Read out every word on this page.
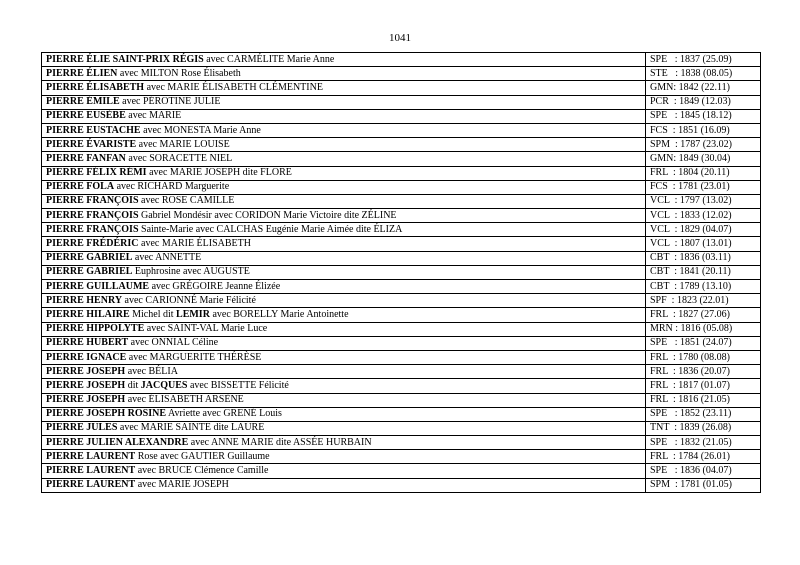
1041
PIERRE ÉLIE SAINT-PRIX RÉGIS avec CARMÉLITE Marie Anne	SPE   : 1837 (25.09)
PIERRE ÉLIEN avec MILTON Rose Élisabeth	STE   : 1838 (08.05)
PIERRE ÉLISABETH avec MARIE ÉLISABETH CLÉMENTINE	GMN: 1842 (22.11)
PIERRE ÉMILE avec PÉROTINE JULIE	PCR  : 1849 (12.03)
PIERRE EUSÈBE avec MARIE	SPE   : 1845 (18.12)
PIERRE EUSTACHE avec MONESTA Marie Anne	FCS  : 1851 (16.09)
PIERRE ÉVARISTE avec MARIE LOUISE	SPM  : 1787 (23.02)
PIERRE FANFAN avec SORACETTE NIEL	GMN: 1849 (30.04)
PIERRE FÉLIX RÉMI avec MARIE JOSEPH dite FLORE	FRL  : 1804 (20.11)
PIERRE FOLA avec RICHARD Marguerite	FCS  : 1781 (23.01)
PIERRE FRANÇOIS avec ROSE CAMILLE	VCL  : 1797 (13.02)
PIERRE FRANÇOIS Gabriel Mondésir avec CORIDON Marie Victoire dite ZÉLINE	VCL  : 1833 (12.02)
PIERRE FRANÇOIS Sainte-Marie avec CALCHAS Eugénie Marie Aimée dite ÉLIZA	VCL  : 1829 (04.07)
PIERRE FRÉDÉRIC avec MARIE ÉLISABETH	VCL  : 1807 (13.01)
PIERRE GABRIEL avec ANNETTE	CBT  : 1836 (03.11)
PIERRE GABRIEL Euphrosine avec AUGUSTE	CBT  : 1841 (20.11)
PIERRE GUILLAUME avec GRÉGOIRE Jeanne Élizée	CBT  : 1789 (13.10)
PIERRE HENRY avec CARIONNÉ Marie Félicité	SPF  : 1823 (22.01)
PIERRE HILAIRE Michel dit LEMIR avec BORELLY Marie Antoinette	FRL  : 1827 (27.06)
PIERRE HIPPOLYTE avec SAINT-VAL Marie Luce	MRN : 1816 (05.08)
PIERRE HUBERT avec ONNIAL Céline	SPE   : 1851 (24.07)
PIERRE IGNACE avec MARGUERITE THÉRÈSE	FRL  : 1780 (08.08)
PIERRE JOSEPH avec BÉLIA	FRL  : 1836 (20.07)
PIERRE JOSEPH dit JACQUES avec BISSETTE Félicité	FRL  : 1817 (01.07)
PIERRE JOSEPH avec ÉLISABETH ARSÈNE	FRL  : 1816 (21.05)
PIERRE JOSEPH ROSINE Avriette avec GRENÉ Louis	SPE   : 1852 (23.11)
PIERRE JULES avec MARIE SAINTE dite LAURE	TNT  : 1839 (26.08)
PIERRE JULIEN ALEXANDRE avec ANNE MARIE dite ASSÉE HURBAIN	SPE   : 1832 (21.05)
PIERRE LAURENT Rose avec GAUTIER Guillaume	FRL  : 1784 (26.01)
PIERRE LAURENT avec BRUCE Clémence Camille	SPE   : 1836 (04.07)
PIERRE LAURENT avec MARIE JOSEPH	SPM  : 1781 (01.05)
